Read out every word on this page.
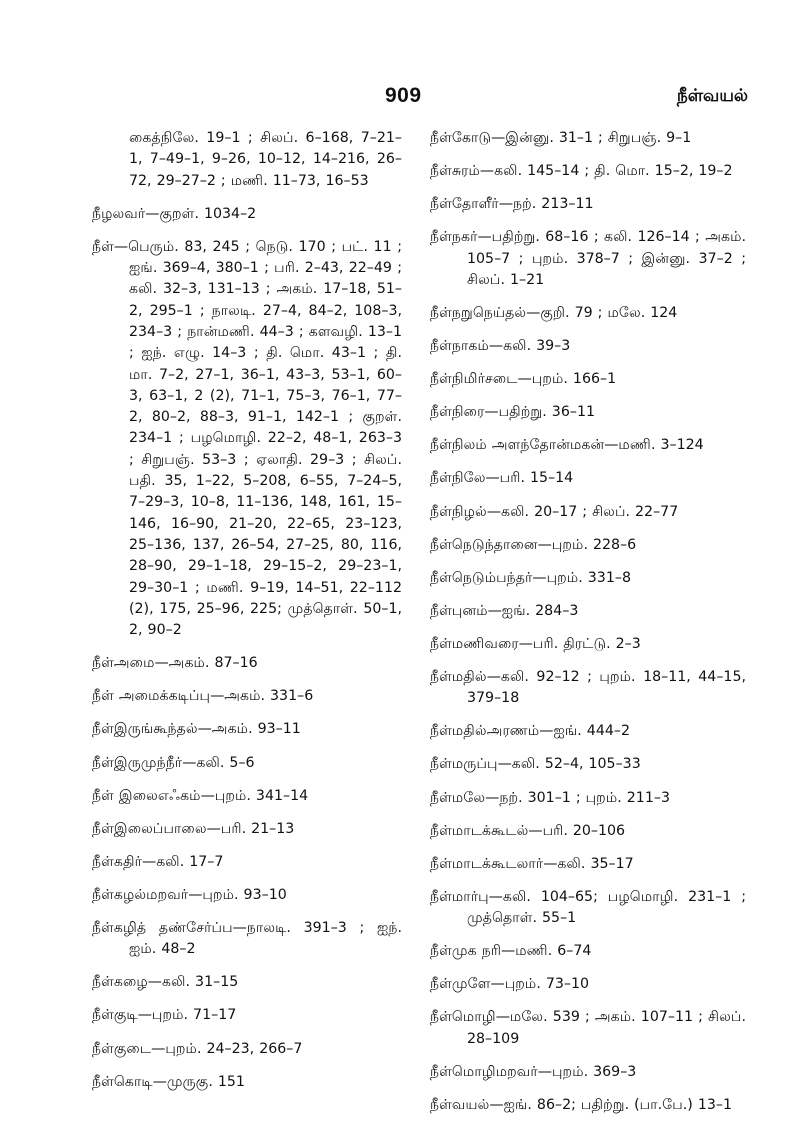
909	நீள்வயல்

கைத்நிலே. 19–1 ; சிலப். 6–168, 7–21–1, 7–49–1, 9–26, 10–12, 14–216, 26–72, 29–27–2 ; மணி. 11–73, 16–53

நீழலவர்—குறள். 1034–2

நீள்—பெரும். 83, 245 ; நெடு. 170 ; பட். 11 ; ஐங். 369–4, 380–1 ; பரி. 2–43, 22–49 ; கலி. 32–3, 131–13 ; அகம். 17–18, 51–2, 295–1 ; நாலடி. 27–4, 84–2, 108–3, 234–3 ; நான்மணி. 44–3 ; களவழி. 13–1 ; ஐந். எழு. 14–3 ; தி. மொ. 43–1 ; தி. மா. 7–2, 27–1, 36–1, 43–3, 53–1, 60–3, 63–1, 2 (2), 71–1, 75–3, 76–1, 77–2, 80–2, 88–3, 91–1, 142–1 ; குறள். 234–1 ; பழமொழி. 22–2, 48–1, 263–3 ; சிறுபஞ். 53–3 ; ஏலாதி. 29–3 ; சிலப். பதி. 35, 1–22, 5–208, 6–55, 7–24–5, 7–29–3, 10–8, 11–136, 148, 161, 15–146, 16–90, 21–20, 22–65, 23–123, 25–136, 137, 26–54, 27–25, 80, 116, 28–90, 29–1–18, 29–15–2, 29–23–1, 29–30–1 ; மணி. 9–19, 14–51, 22–112 (2), 175, 25–96, 225; முத்தொள். 50–1, 2, 90–2

நீள்அமை—அகம். 87–16

நீள் அமைக்கடிப்பு—அகம். 331–6

நீள்இருங்கூந்தல்—அகம். 93–11

நீள்இருமுந்நீர்—கலி. 5–6

நீள் இலைஎஃகம்—புறம். 341–14

நீள்இலைப்பாலை—பரி. 21–13

நீள்கதிர்—கலி. 17–7

நீள்கழல்மறவர்—புறம். 93–10

நீள்கழித் தண்சேர்ப்ப—நாலடி. 391–3 ; ஐந். ஐம். 48–2

நீள்கழை—கலி. 31–15

நீள்குடி—புறம். 71–17

நீள்குடை—புறம். 24–23, 266–7

நீள்கொடி—முருகு. 151

நீள்கோடு—இன்னு. 31–1 ; சிறுபஞ். 9–1

நீள்சுரம்—கலி. 145–14 ; தி. மொ. 15–2, 19–2

நீள்தோளீர்—நற். 213–11

நீள்நகர்—பதிற்று. 68–16 ; கலி. 126–14 ; அகம். 105–7 ; புறம். 378–7 ; இன்னு. 37–2 ; சிலப். 1–21

நீள்நறுநெய்தல்—குறி. 79 ; மலே. 124

நீள்நாகம்—கலி. 39–3

நீள்நிமிர்சடை—புறம். 166–1

நீள்நிரை—பதிற்று. 36–11

நீள்நிலம் அளந்தோன்மகன்—மணி. 3–124

நீள்நிலே—பரி. 15–14

நீள்நிழல்—கலி. 20–17 ; சிலப். 22–77

நீள்நெடுந்தானை—புறம். 228–6

நீள்நெடும்பந்தர்—புறம். 331–8

நீள்புனம்—ஐங். 284–3

நீள்மணிவரை—பரி. திரட்டு. 2–3

நீள்மதில்—கலி. 92–12 ; புறம். 18–11, 44–15, 379–18

நீள்மதில்அரணம்—ஐங். 444–2

நீள்மருப்பு—கலி. 52–4, 105–33

நீள்மலே—நற். 301–1 ; புறம். 211–3

நீள்மாடக்கூடல்—பரி. 20–106

நீள்மாடக்கூடலார்—கலி. 35–17

நீள்மார்பு—கலி. 104–65; பழமொழி. 231–1 ; முத்தொள். 55–1

நீள்முக நரி—மணி. 6–74

நீள்முளே—புறம். 73–10

நீள்மொழி—மலே. 539 ; அகம். 107–11 ; சிலப். 28–109

நீள்மொழிமறவர்—புறம். 369–3

நீள்வயல்—ஐங். 86–2; பதிற்று. (பா.பே.) 13–1
